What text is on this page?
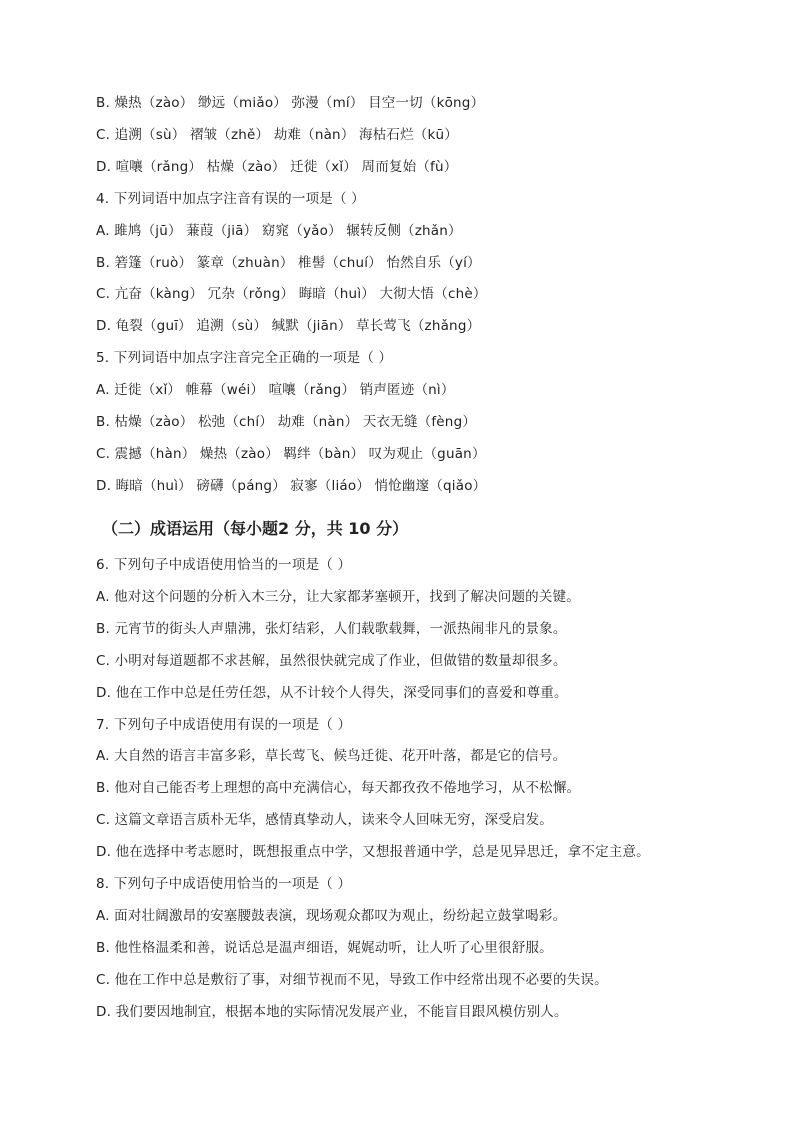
B. 燥热（zào） 缈远（miǎo） 弥漫（mí） 目空一切（kōng）
C. 追溯（sù） 褶皱（zhě） 劫难（nàn） 海枯石烂（kū）
D. 喧嚷（rǎng） 枯燥（zào） 迁徙（xǐ） 周而复始（fù）
4. 下列词语中加点字注音有误的一项是（ ）
A. 雎鸠（jū） 蒹葭（jiā） 窈窕（yǎo） 辗转反侧（zhǎn）
B. 箬篷（ruò） 篆章（zhuàn） 椎髻（chuí） 怡然自乐（yí）
C. 亢奋（kàng） 冗杂（rǒng） 晦暗（huì） 大彻大悟（chè）
D. 龟裂（guī） 追溯（sù） 缄默（jiān） 草长莺飞（zhǎng）
5. 下列词语中加点字注音完全正确的一项是（ ）
A. 迁徙（xǐ） 帷幕（wéi） 喧嚷（rǎng） 销声匿迹（nì）
B. 枯燥（zào） 松弛（chí） 劫难（nàn） 天衣无缝（fèng）
C. 震撼（hàn） 燥热（zào） 羁绊（bàn） 叹为观止（guān）
D. 晦暗（huì） 磅礴（páng） 寂寥（liáo） 悄怆幽邃（qiǎo）
（二）成语运用（每小题2 分，共 10 分）
6. 下列句子中成语使用恰当的一项是（ ）
A. 他对这个问题的分析入木三分，让大家都茅塞顿开，找到了解决问题的关键。
B. 元宵节的街头人声鼎沸，张灯结彩，人们载歌载舞，一派热闹非凡的景象。
C. 小明对每道题都不求甚解，虽然很快就完成了作业，但做错的数量却很多。
D. 他在工作中总是任劳任怨，从不计较个人得失，深受同事们的喜爱和尊重。
7. 下列句子中成语使用有误的一项是（ ）
A. 大自然的语言丰富多彩，草长莺飞、候鸟迁徙、花开叶落，都是它的信号。
B. 他对自己能否考上理想的高中充满信心，每天都孜孜不倦地学习，从不松懈。
C. 这篇文章语言质朴无华，感情真挚动人，读来令人回味无穷，深受启发。
D. 他在选择中考志愿时，既想报重点中学，又想报普通中学，总是见异思迁，拿不定主意。
8. 下列句子中成语使用恰当的一项是（ ）
A. 面对壮阔激昂的安塞腰鼓表演，现场观众都叹为观止，纷纷起立鼓掌喝彩。
B. 他性格温柔和善，说话总是温声细语，娓娓动听，让人听了心里很舒服。
C. 他在工作中总是敷衍了事，对细节视而不见，导致工作中经常出现不必要的失误。
D. 我们要因地制宜，根据本地的实际情况发展产业，不能盲目跟风模仿别人。
